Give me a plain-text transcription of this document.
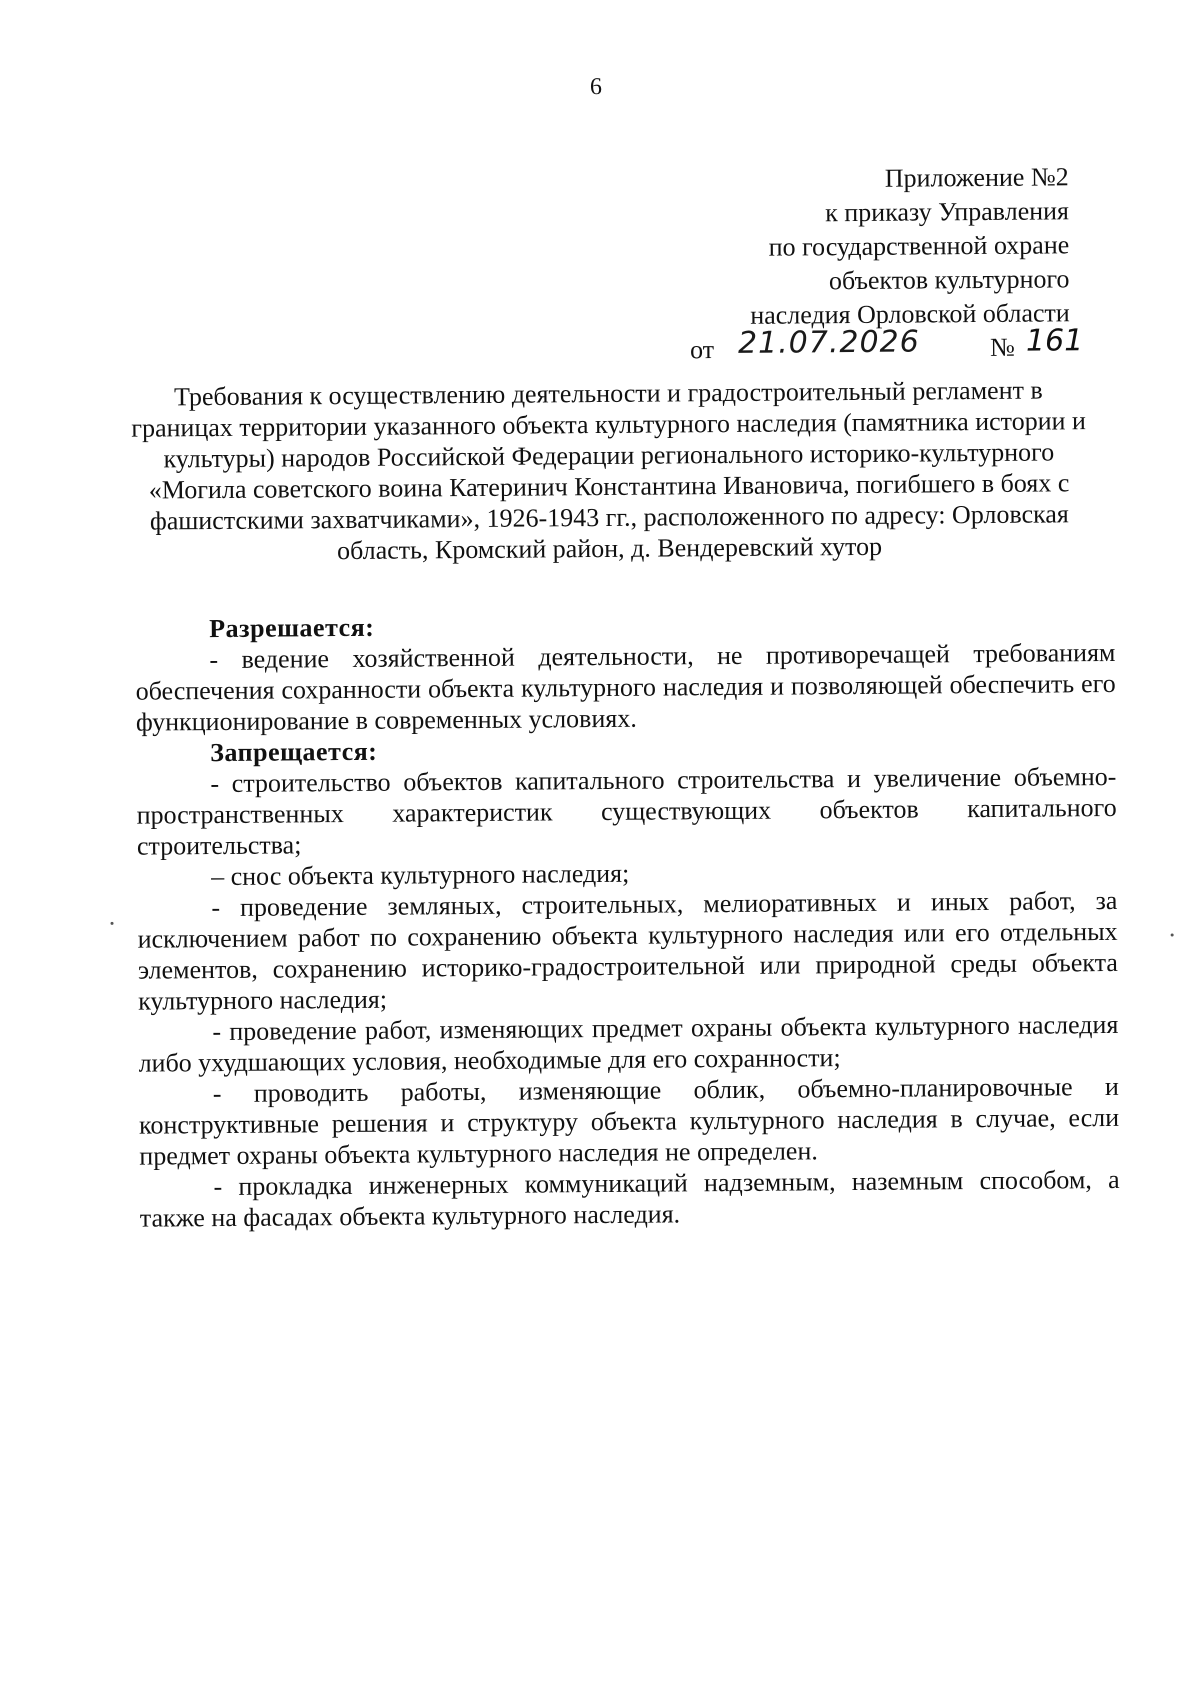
6
Приложение №2
к приказу Управления
по государственной охране
объектов культурного
наследия Орловской области
от 21.07.2026	№ 161
Требования к осуществлению деятельности и градостроительный регламент в границах территории указанного объекта культурного наследия (памятника истории и культуры) народов Российской Федерации регионального историко-культурного «Могила советского воина Катеринич Константина Ивановича, погибшего в боях с фашистскими захватчиками», 1926-1943 гг., расположенного по адресу: Орловская область, Кромский район, д. Вендеревский хутор
Разрешается:

- ведение хозяйственной деятельности, не противоречащей требованиям обеспечения сохранности объекта культурного наследия и позволяющей обеспечить его функционирование в современных условиях.

Запрещается:

- строительство объектов капитального строительства и увеличение объемно-пространственных характеристик существующих объектов капитального строительства;

– снос объекта культурного наследия;

- проведение земляных, строительных, мелиоративных и иных работ, за исключением работ по сохранению объекта культурного наследия или его отдельных элементов, сохранению историко-градостроительной или природной среды объекта культурного наследия;

- проведение работ, изменяющих предмет охраны объекта культурного наследия либо ухудшающих условия, необходимые для его сохранности;

- проводить работы, изменяющие облик, объемно-планировочные и конструктивные решения и структуру объекта культурного наследия в случае, если предмет охраны объекта культурного наследия не определен.

- прокладка инженерных коммуникаций надземным, наземным способом, а также на фасадах объекта культурного наследия.
